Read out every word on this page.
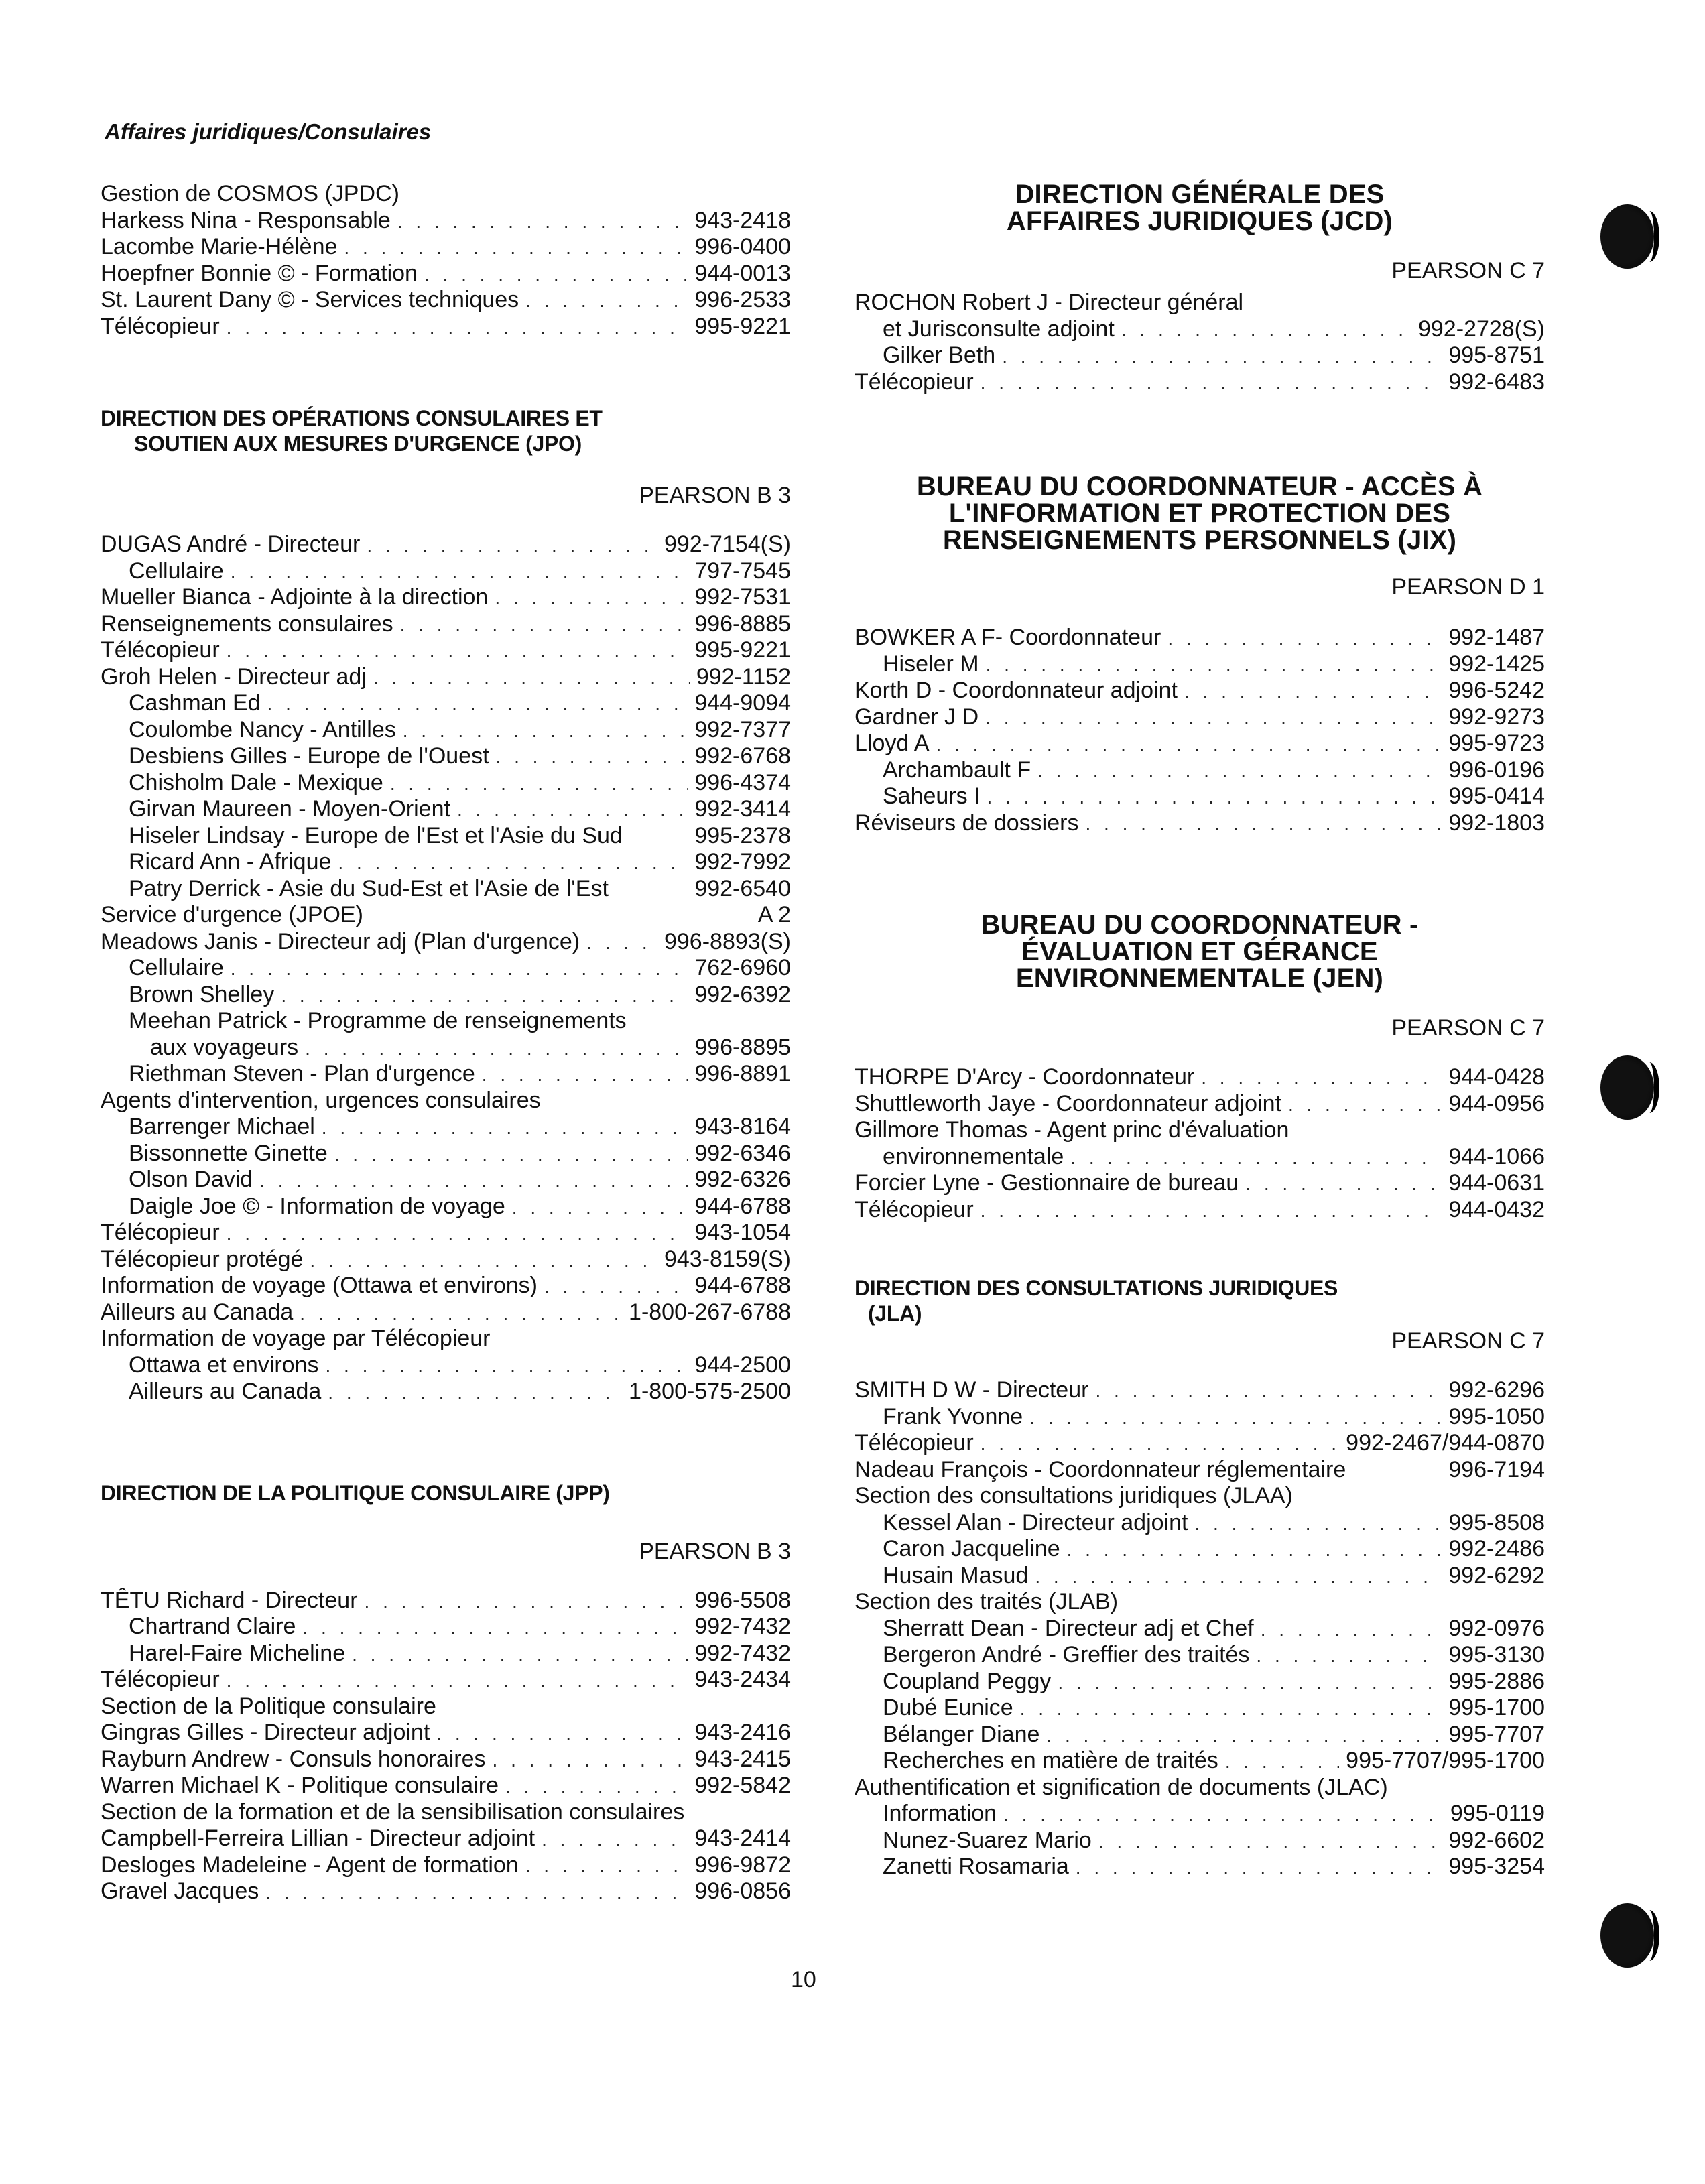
Affaires juridiques/Consulaires
Gestion de COSMOS (JPDC)
Harkess Nina - Responsable . . .	943-2418
Lacombe Marie-Hélène . . .	996-0400
Hoepfner Bonnie © - Formation . . .	944-0013
St. Laurent Dany © - Services techniques . . .	996-2533
Télécopieur . . .	995-9221
DIRECTION DES OPÉRATIONS CONSULAIRES ET
SOUTIEN AUX MESURES D'URGENCE (JPO)
PEARSON B 3
DUGAS André - Directeur . . .	992-7154(S)
Cellulaire . . .	797-7545
Mueller Bianca - Adjointe à la direction . . .	992-7531
Renseignements consulaires . . .	996-8885
Télécopieur . . .	995-9221
Groh Helen - Directeur adj . . .	992-1152
Cashman Ed . . .	944-9094
Coulombe Nancy - Antilles . . .	992-7377
Desbiens Gilles - Europe de l'Ouest . . .	992-6768
Chisholm Dale - Mexique . . .	996-4374
Girvan Maureen - Moyen-Orient . . .	992-3414
Hiseler Lindsay - Europe de l'Est et l'Asie du Sud	995-2378
Ricard Ann - Afrique . . .	992-7992
Patry Derrick - Asie du Sud-Est et l'Asie de l'Est	992-6540
Service d'urgence (JPOE)	A 2
Meadows Janis - Directeur adj (Plan d'urgence) . . .	996-8893(S)
Cellulaire . . .	762-6960
Brown Shelley . . .	992-6392
Meehan Patrick - Programme de renseignements
aux voyageurs . . .	996-8895
Riethman Steven - Plan d'urgence . . .	996-8891
Agents d'intervention, urgences consulaires
Barrenger Michael . . .	943-8164
Bissonnette Ginette . . .	992-6346
Olson David . . .	992-6326
Daigle Joe © - Information de voyage . . .	944-6788
Télécopieur . . .	943-1054
Télécopieur protégé . . .	943-8159(S)
Information de voyage (Ottawa et environs) . . .	944-6788
Ailleurs au Canada . . .	1-800-267-6788
Information de voyage par Télécopieur
Ottawa et environs . . .	944-2500
Ailleurs au Canada . . .	1-800-575-2500
DIRECTION DE LA POLITIQUE CONSULAIRE (JPP)
PEARSON B 3
TÊTU Richard - Directeur . . .	996-5508
Chartrand Claire . . .	992-7432
Harel-Faire Micheline . . .	992-7432
Télécopieur . . .	943-2434
Section de la Politique consulaire
Gingras Gilles - Directeur adjoint . . .	943-2416
Rayburn Andrew - Consuls honoraires . . .	943-2415
Warren Michael K - Politique consulaire . . .	992-5842
Section de la formation et de la sensibilisation consulaires
Campbell-Ferreira Lillian - Directeur adjoint . . .	943-2414
Desloges Madeleine - Agent de formation . . .	996-9872
Gravel Jacques . . .	996-0856
DIRECTION GÉNÉRALE DES
AFFAIRES JURIDIQUES (JCD)
PEARSON C 7
ROCHON Robert J - Directeur général
et Jurisconsulte adjoint . . .	992-2728(S)
Gilker Beth . . .	995-8751
Télécopieur . . .	992-6483
BUREAU DU COORDONNATEUR - ACCÈS À
L'INFORMATION ET PROTECTION DES
RENSEIGNEMENTS PERSONNELS (JIX)
PEARSON D 1
BOWKER A F- Coordonnateur . . .	992-1487
Hiseler M . . .	992-1425
Korth D - Coordonnateur adjoint . . .	996-5242
Gardner J D . . .	992-9273
Lloyd A . . .	995-9723
Archambault F . . .	996-0196
Saheurs I . . .	995-0414
Réviseurs de dossiers . . .	992-1803
BUREAU DU COORDONNATEUR -
ÉVALUATION ET GÉRANCE
ENVIRONNEMENTALE (JEN)
PEARSON C 7
THORPE D'Arcy - Coordonnateur . . .	944-0428
Shuttleworth Jaye - Coordonnateur adjoint . . .	944-0956
Gillmore Thomas - Agent princ d'évaluation
environnementale . . .	944-1066
Forcier Lyne - Gestionnaire de bureau . . .	944-0631
Télécopieur . . .	944-0432
DIRECTION DES CONSULTATIONS JURIDIQUES
(JLA)
PEARSON C 7
SMITH D W - Directeur . . .	992-6296
Frank Yvonne . . .	995-1050
Télécopieur . . .	992-2467/944-0870
Nadeau François - Coordonnateur réglementaire	996-7194
Section des consultations juridiques (JLAA)
Kessel Alan - Directeur adjoint . . .	995-8508
Caron Jacqueline . . .	992-2486
Husain Masud . . .	992-6292
Section des traités (JLAB)
Sherratt Dean - Directeur adj et Chef . . .	992-0976
Bergeron André - Greffier des traités . . .	995-3130
Coupland Peggy . . .	995-2886
Dubé Eunice . . .	995-1700
Bélanger Diane . . .	995-7707
Recherches en matière de traités . . .	995-7707/995-1700
Authentification et signification de documents (JLAC)
Information . . .	995-0119
Nunez-Suarez Mario . . .	992-6602
Zanetti Rosamaria . . .	995-3254
10
